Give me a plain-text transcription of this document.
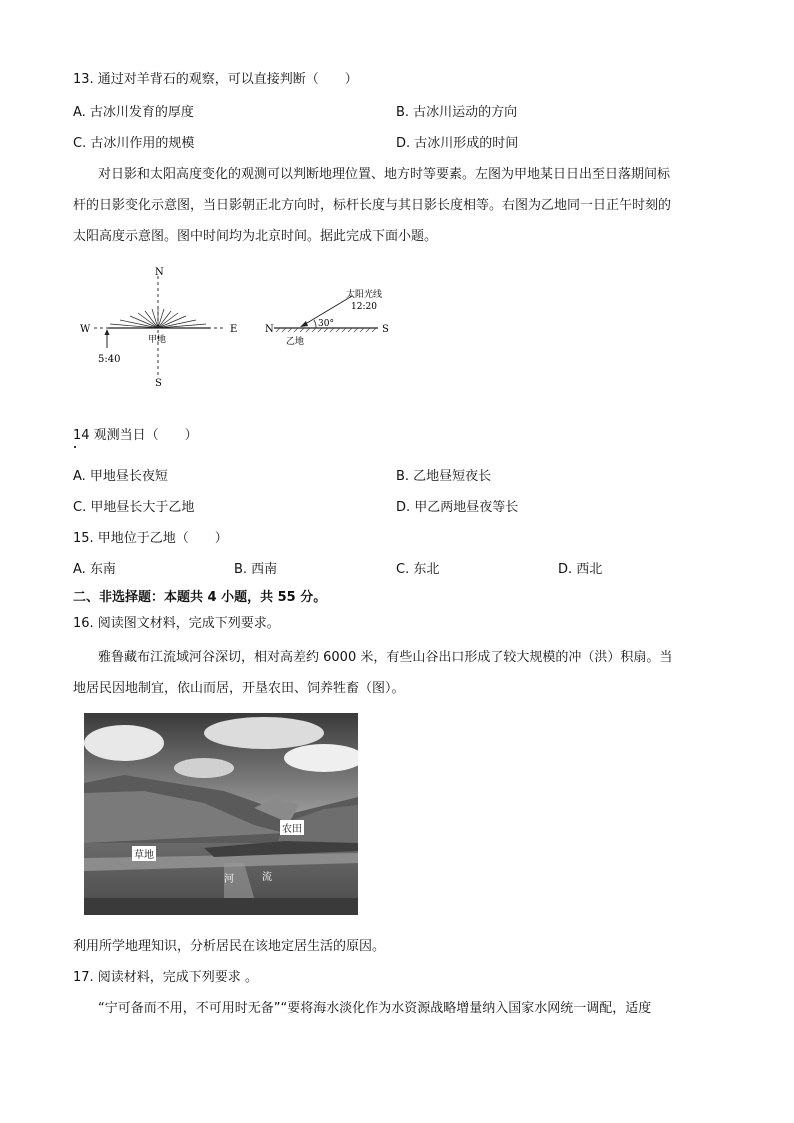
13. 通过对羊背石的观察，可以直接判断（　　）
A. 古冰川发育的厚度	B. 古冰川运动的方向
C. 古冰川作用的规模	D. 古冰川形成的时间
对日影和太阳高度变化的观测可以判断地理位置、地方时等要素。左图为甲地某日日出至日落期间标
杆的日影变化示意图，当日影朝正北方向时，标杆长度与其日影长度相等。右图为乙地同一日正午时刻的
太阳高度示意图。图中时间均为北京时间。据此完成下面小题。
N
S
W	E
甲地
5:40
N	S
30°
乙地
太阳光线
12:20
14 观测当日（　　）
A. 甲地昼长夜短	B. 乙地昼短夜长
C. 甲地昼长大于乙地	D. 甲乙两地昼夜等长
15. 甲地位于乙地（　　）
A. 东南	B. 西南	C. 东北	D. 西北
二、非选择题：本题共 4 小题，共 55 分。
16. 阅读图文材料，完成下列要求。
雅鲁藏布江流域河谷深切，相对高差约 6000 米，有些山谷出口形成了较大规模的冲（洪）积扇。当
地居民因地制宜，依山而居，开垦农田、饲养牲畜（图）。
农田
草地
河	流
利用所学地理知识，分析居民在该地定居生活的原因。
17. 阅读材料，完成下列要求 。
“宁可备而不用，不可用时无备”“要将海水淡化作为水资源战略增量纳入国家水网统一调配，适度
